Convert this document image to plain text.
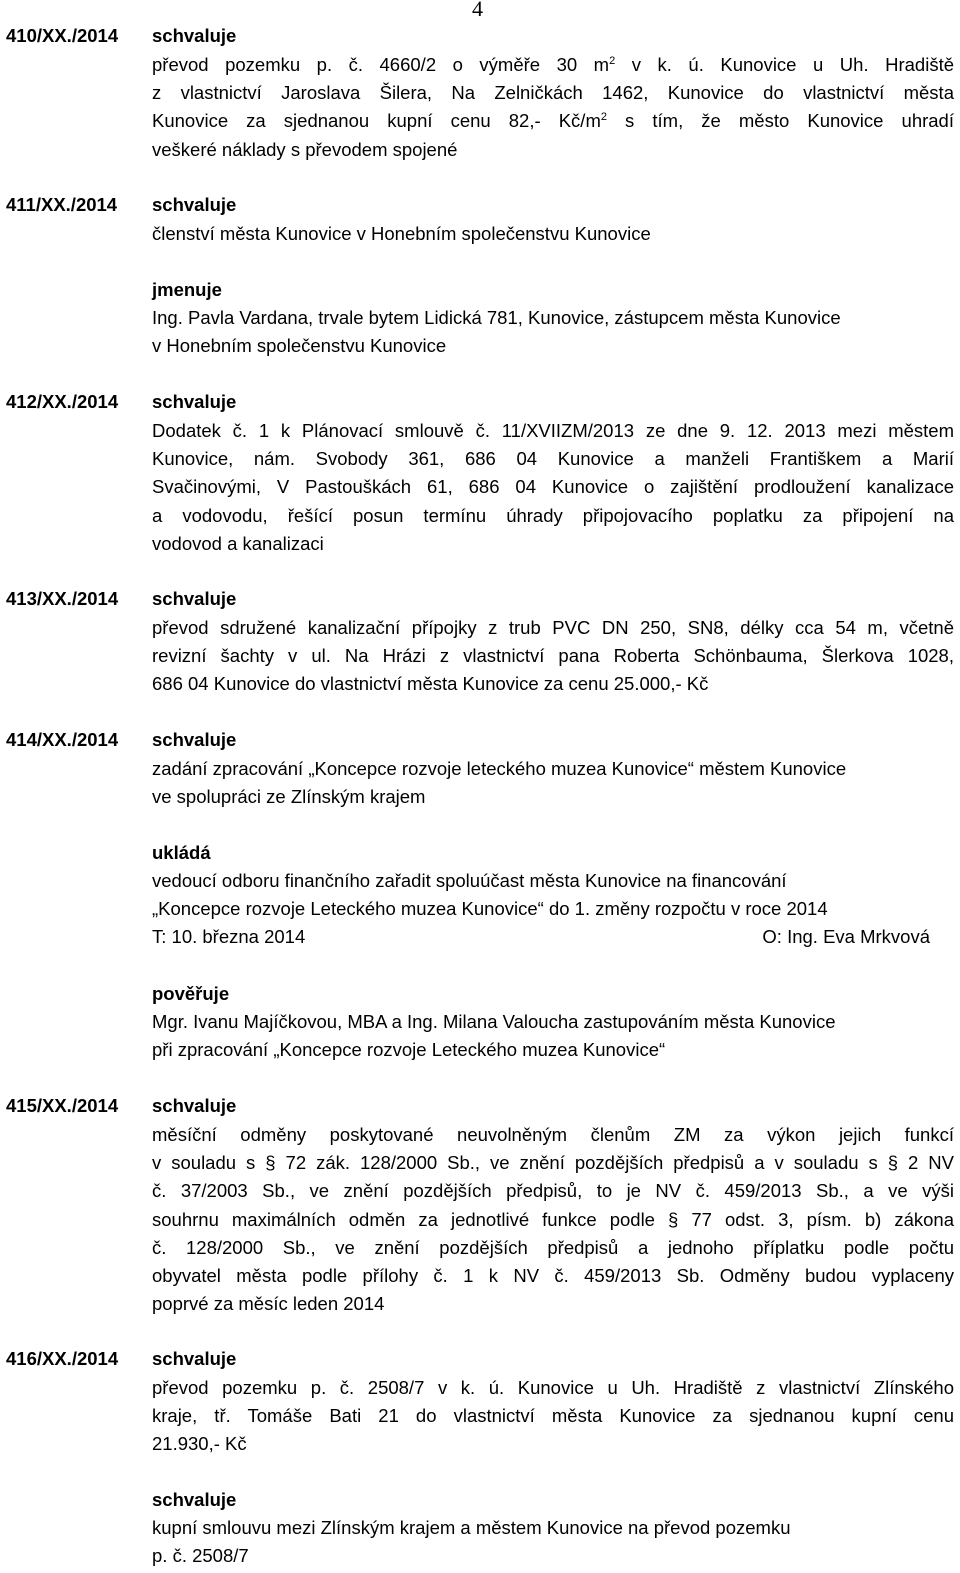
4
410/XX./2014 schvaluje
převod pozemku p. č. 4660/2 o výměře 30 $m^2$ v k. ú. Kunovice u Uh. Hradiště
z vlastnictví Jaroslava Šilera, Na Zelničkách 1462, Kunovice do vlastnictví města
Kunovice za sjednanou kupní cenu 82,- $Kč/m^2$ s tím, že město Kunovice uhradí
veškeré náklady s převodem spojené
411/XX./2014 schvaluje
členství města Kunovice v Honebním společenstvu Kunovice
jmenuje
Ing. Pavla Vardana, trvale bytem Lidická 781, Kunovice, zástupcem města Kunovice
v Honebním společenstvu Kunovice
412/XX./2014 schvaluje
Dodatek č. 1 k Plánovací smlouvě č. 11/XVIIZM/2013 ze dne 9. 12. 2013 mezi městem
Kunovice, nám. Svobody 361, 686 04 Kunovice a manželi Františkem a Marií
Svačinovými, V Pastouškách 61, 686 04 Kunovice o zajištění prodloužení kanalizace
a vodovodu, řešící posun termínu úhrady připojovacího poplatku za připojení na
vodovod a kanalizaci
413/XX./2014 schvaluje
převod sdružené kanalizační přípojky z trub PVC DN 250, SN8, délky cca 54 m, včetně
revizní šachty v ul. Na Hrázi z vlastnictví pana Roberta Schönbauma, Šlerkova 1028,
686 04 Kunovice do vlastnictví města Kunovice za cenu 25.000,- Kč
414/XX./2014 schvaluje
zadání zpracování „Koncepce rozvoje leteckého muzea Kunovice“ městem Kunovice
ve spolupráci ze Zlínským krajem
ukládá
vedoucí odboru finančního zařadit spoluúčast města Kunovice na financování
„Koncepce rozvoje Leteckého muzea Kunovice“ do 1. změny rozpočtu v roce 2014
T: 10. března 2014	O: Ing. Eva Mrkvová
pověřuje
Mgr. Ivanu Majíčkovou, MBA a Ing. Milana Valoucha zastupováním města Kunovice
při zpracování „Koncepce rozvoje Leteckého muzea Kunovice“
415/XX./2014 schvaluje
měsíční odměny poskytované neuvolněným členům ZM za výkon jejich funkcí
v souladu s § 72 zák. 128/2000 Sb., ve znění pozdějších předpisů a v souladu s § 2 NV
č. 37/2003 Sb., ve znění pozdějších předpisů, to je NV č. 459/2013 Sb., a ve výši
souhrnu maximálních odměn za jednotlivé funkce podle § 77 odst. 3, písm. b) zákona
č. 128/2000 Sb., ve znění pozdějších předpisů a jednoho příplatku podle počtu
obyvatel města podle přílohy č. 1 k NV č. 459/2013 Sb. Odměny budou vyplaceny
poprvé za měsíc leden 2014
416/XX./2014 schvaluje
převod pozemku p. č. 2508/7 v k. ú. Kunovice u Uh. Hradiště z vlastnictví Zlínského
kraje, tř. Tomáše Bati 21 do vlastnictví města Kunovice za sjednanou kupní cenu
21.930,- Kč
schvaluje
kupní smlouvu mezi Zlínským krajem a městem Kunovice na převod pozemku
p. č. 2508/7
